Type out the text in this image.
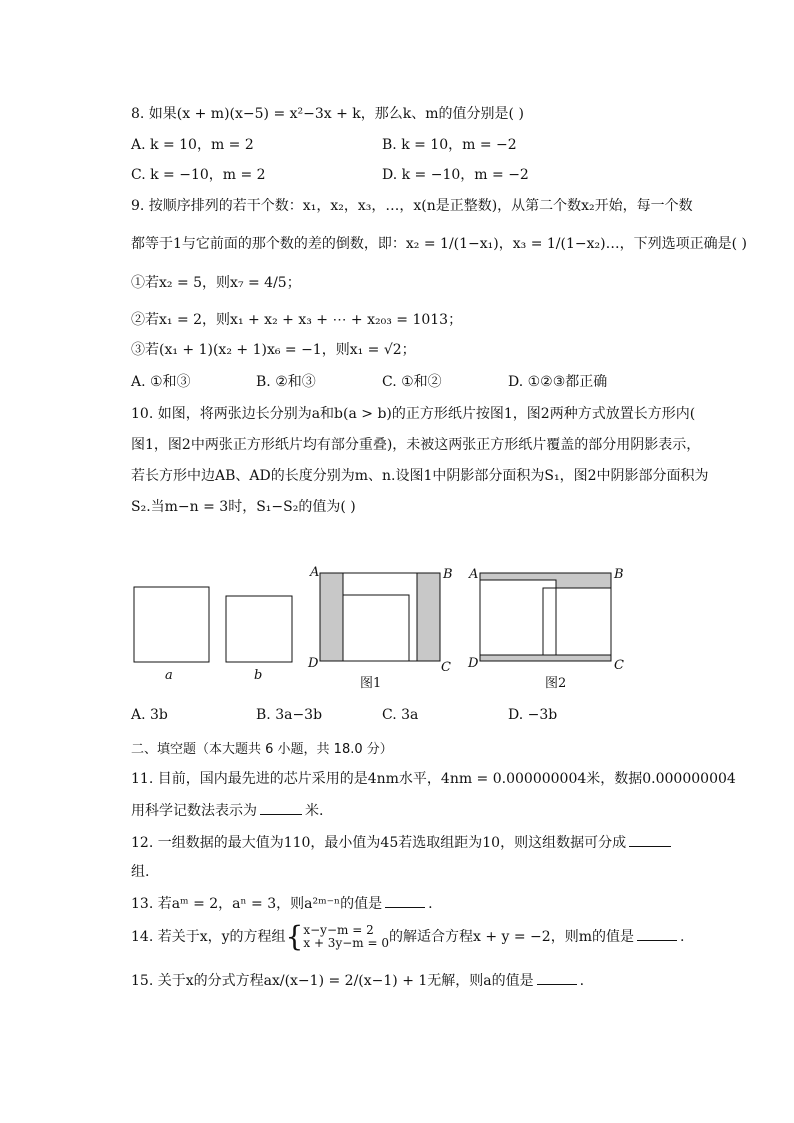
8. 如果(x + m)(x−5) = x²−3x + k，那么k、m的值分别是( )
A. k = 10，m = 2	B. k = 10，m = −2
C. k = −10，m = 2	D. k = −10，m = −2
9. 按顺序排列的若干个数：x₁，x₂，x₃，…，x(n是正整数)，从第二个数x₂开始，每一个数
都等于1与它前面的那个数的差的倒数，即：x₂ = 1/(1−x₁)，x₃ = 1/(1−x₂)…，下列选项正确是( )
①若x₂ = 5，则x₇ = 4/5；
②若x₁ = 2，则x₁ + x₂ + x₃ + ⋯ + x₂₀₃ = 1013；
③若(x₁ + 1)(x₂ + 1)x₆ = −1，则x₁ = √2；
A. ①和③	B. ②和③	C. ①和②	D. ①②③都正确
10. 如图，将两张边长分别为a和b(a > b)的正方形纸片按图1，图2两种方式放置长方形内(
图1，图2中两张正方形纸片均有部分重叠)，未被这两张正方形纸片覆盖的部分用阴影表示，
若长方形中边AB、AD的长度分别为m、n.设图1中阴影部分面积为S₁，图2中阴影部分面积为
S₂.当m−n = 3时，S₁−S₂的值为( )
a	b
A	B
D	C
图1
A	B
D	C
图2
A. 3b	B. 3a−3b	C. 3a	D. −3b
二、填空题（本大题共 6 小题，共 18.0 分）
11. 目前，国内最先进的芯片采用的是4nm水平，4nm = 0.000000004米，数据0.000000004
用科学记数法表示为	米.
12. 一组数据的最大值为110，最小值为45若选取组距为10，则这组数据可分成
组.
13. 若aᵐ = 2，aⁿ = 3，则a²ᵐ⁻ⁿ的值是	.
14. 若关于x，y的方程组{ x−y−m = 2
x + 3y−m = 0 的解适合方程x + y = −2，则m的值是	.
15. 关于x的分式方程ax/(x−1) = 2/(x−1) + 1无解，则a的值是	.
